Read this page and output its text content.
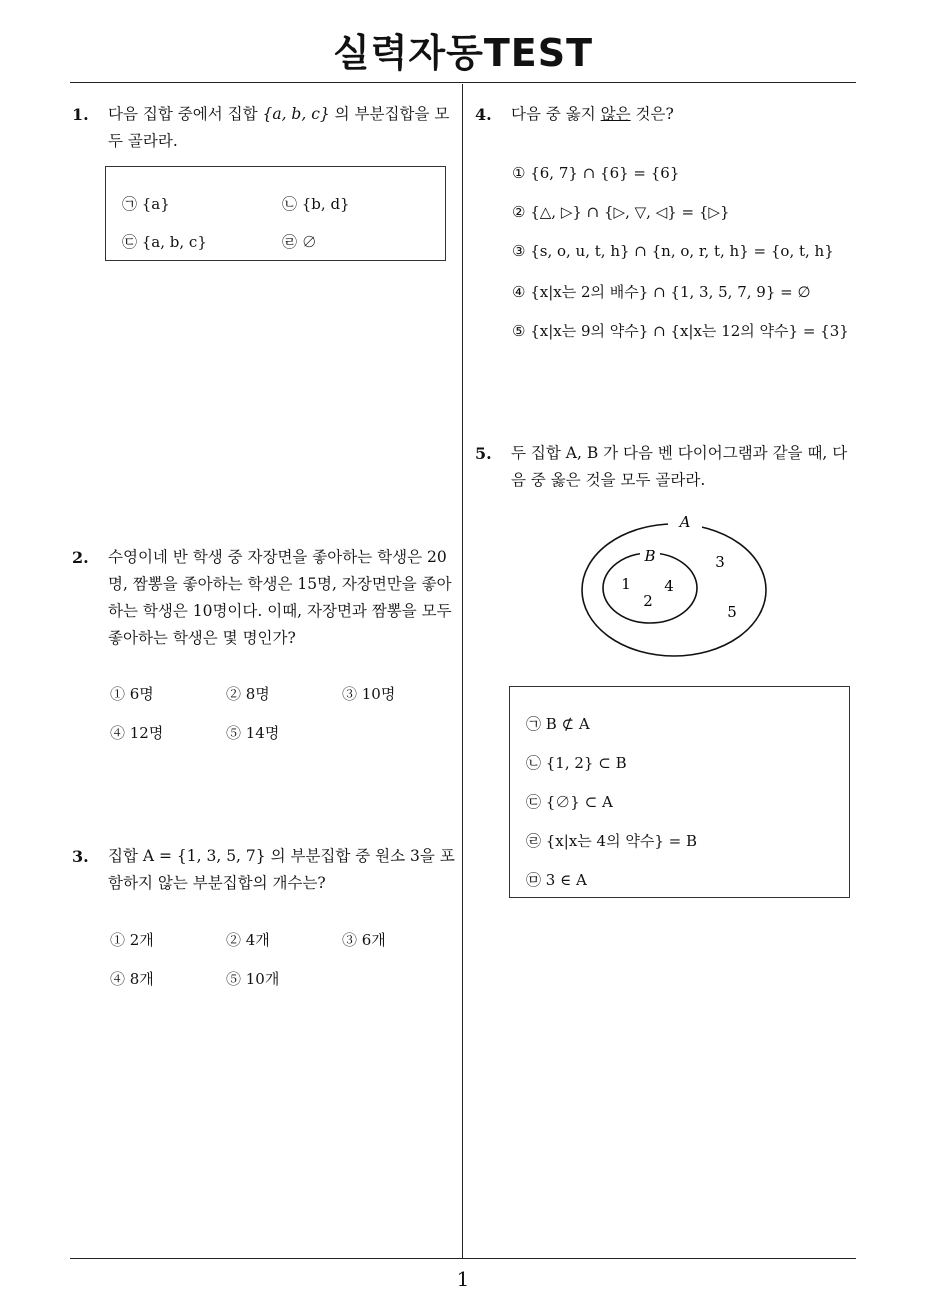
실력자동TEST
1. 다음 집합 중에서 집합 {a, b, c} 의 부분집합을 모두 골라라.
㉠ {a}	㉡ {b, d}
㉢ {a, b, c}	㉣ ∅
2. 수영이네 반 학생 중 자장면을 좋아하는 학생은 20명, 짬뽕을 좋아하는 학생은 15명, 자장면만을 좋아하는 학생은 10명이다. 이때, 자장면과 짬뽕을 모두 좋아하는 학생은 몇 명인가?
① 6명	② 8명	③ 10명
④ 12명	⑤ 14명
3. 집합 A = {1, 3, 5, 7} 의 부분집합 중 원소 3을 포함하지 않는 부분집합의 개수는?
① 2개	② 4개	③ 6개
④ 8개	⑤ 10개
4. 다음 중 옳지 않은 것은?
① {6, 7} ∩ {6} = {6}
② {△, ▷} ∩ {▷, ▽, ◁} = {▷}
③ {s, o, u, t, h} ∩ {n, o, r, t, h} = {o, t, h}
④ {x|x는 2의 배수} ∩ {1, 3, 5, 7, 9} = ∅
⑤ {x|x는 9의 약수} ∩ {x|x는 12의 약수} = {3}
5. 두 집합 A, B 가 다음 벤 다이어그램과 같을 때, 다음 중 옳은 것을 모두 골라라.
A
B
1 4
2
3
5
㉠ B ⊄ A
㉡ {1, 2} ⊂ B
㉢ {∅} ⊂ A
㉣ {x|x는 4의 약수} = B
㉤ 3 ∈ A
1
